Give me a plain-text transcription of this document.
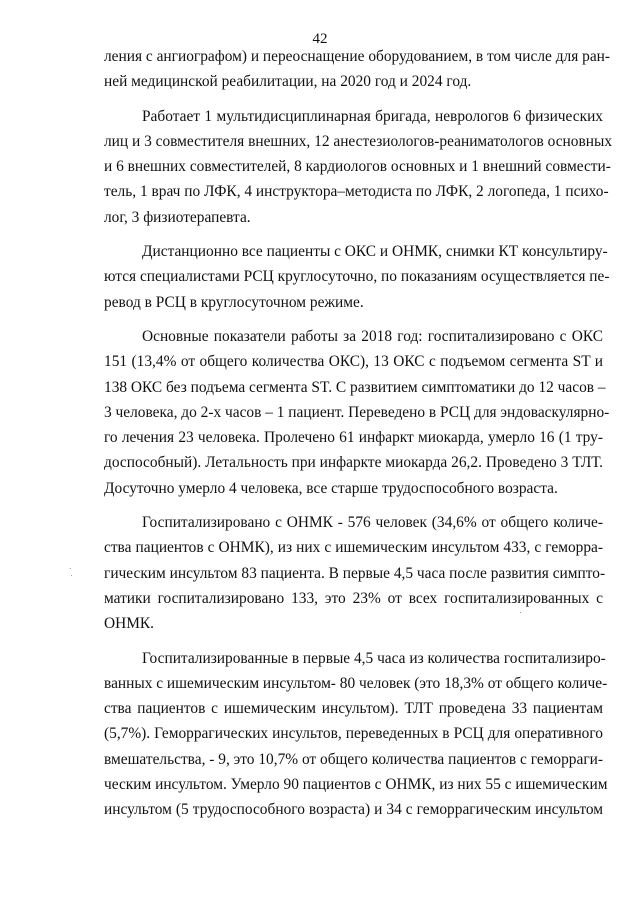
42

ления с ангиографом) и переоснащение оборудованием, в том числе для ран-
ней медицинской реабилитации, на 2020 год и 2024 год.

Работает 1 мультидисциплинарная бригада, неврологов 6 физических
лиц и 3 совместителя внешних, 12 анестезиологов-реаниматологов основных
и 6 внешних совместителей, 8 кардиологов основных и 1 внешний совмести-
тель, 1 врач по ЛФК, 4 инструктора–методиста по ЛФК, 2 логопеда, 1 психо-
лог, 3 физиотерапевта.

Дистанционно все пациенты с ОКС и ОНМК, снимки КТ консультиру-
ются специалистами РСЦ круглосуточно, по показаниям осуществляется пе-
ревод в РСЦ в круглосуточном режиме.

Основные показатели работы за 2018 год: госпитализировано с ОКС
151 (13,4% от общего количества ОКС), 13 ОКС с подъемом сегмента ST и
138 ОКС без подъема сегмента ST. С развитием симптоматики до 12 часов –
3 человека, до 2-х часов – 1 пациент. Переведено в РСЦ для эндоваскулярно-
го лечения 23 человека. Пролечено 61 инфаркт миокарда, умерло 16 (1 тру-
доспособный). Летальность при инфаркте миокарда 26,2. Проведено 3 ТЛТ.
Досуточно умерло 4 человека, все старше трудоспособного возраста.

Госпитализировано с ОНМК - 576 человек (34,6% от общего количе-
ства пациентов с ОНМК), из них с ишемическим инсультом 433, с геморра-
гическим инсультом 83 пациента. В первые 4,5 часа после развития симпто-
матики госпитализировано 133, это 23% от всех госпитализированных с
ОНМК.

Госпитализированные в первые 4,5 часа из количества госпитализиро-
ванных с ишемическим инсультом- 80 человек (это 18,3% от общего количе-
ства пациентов с ишемическим инсультом). ТЛТ проведена 33 пациентам
(5,7%). Геморрагических инсультов, переведенных в РСЦ для оперативного
вмешательства, - 9, это 10,7% от общего количества пациентов с геморраги-
ческим инсультом. Умерло 90 пациентов с ОНМК, из них 55 с ишемическим
инсультом (5 трудоспособного возраста) и 34 с геморрагическим инсультом
